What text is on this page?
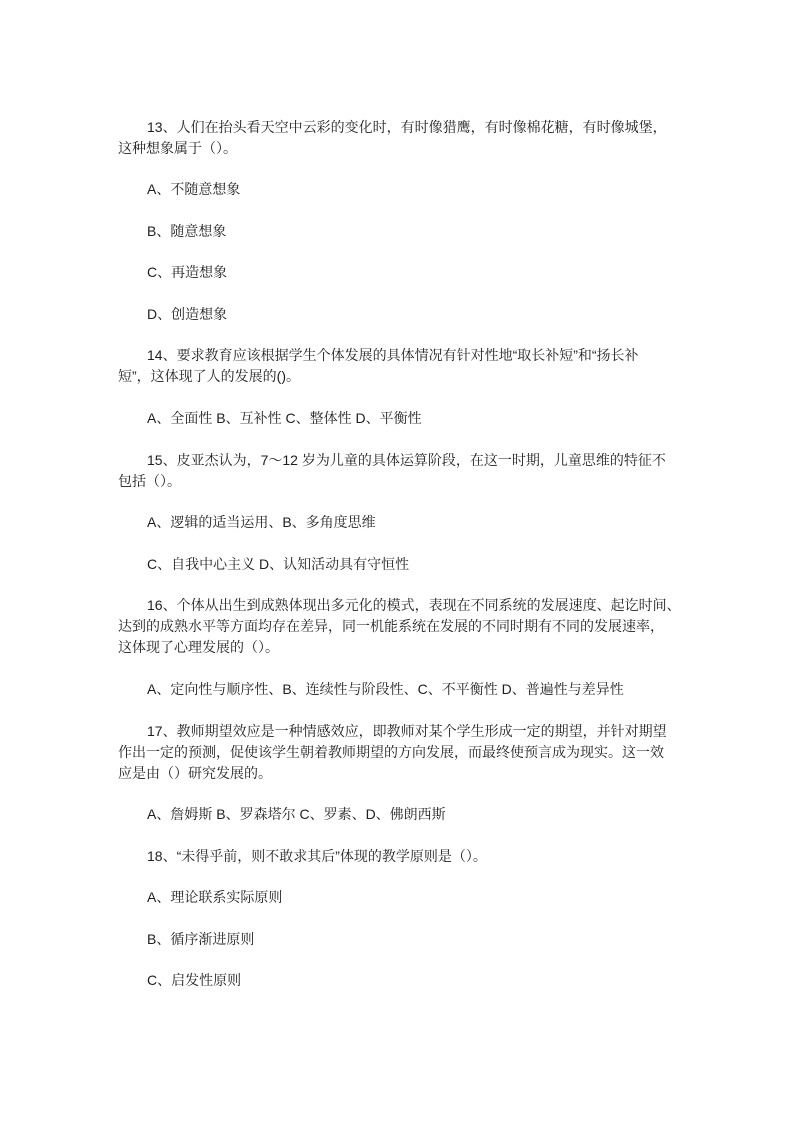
13、人们在抬头看天空中云彩的变化时，有时像猎鹰，有时像棉花糖，有时像城堡，
这种想象属于（）。
A、不随意想象
B、随意想象
C、再造想象
D、创造想象
14、要求教育应该根据学生个体发展的具体情况有针对性地“取长补短”和“扬长补
短”，这体现了人的发展的()。
A、全面性 B、互补性 C、整体性 D、平衡性
15、皮亚杰认为，7～12 岁为儿童的具体运算阶段，在这一时期，儿童思维的特征不
包括（）。
A、逻辑的适当运用、B、多角度思维
C、自我中心主义 D、认知活动具有守恒性
16、个体从出生到成熟体现出多元化的模式，表现在不同系统的发展速度、起讫时间、
达到的成熟水平等方面均存在差异，同一机能系统在发展的不同时期有不同的发展速率，
这体现了心理发展的（）。
A、定向性与顺序性、B、连续性与阶段性、C、不平衡性 D、普遍性与差异性
17、教师期望效应是一种情感效应，即教师对某个学生形成一定的期望，并针对期望
作出一定的预测，促使该学生朝着教师期望的方向发展，而最终使预言成为现实。这一效
应是由（）研究发展的。
A、詹姆斯 B、罗森塔尔 C、罗素、D、佛朗西斯
18、“未得乎前，则不敢求其后”体现的教学原则是（）。
A、理论联系实际原则
B、循序渐进原则
C、启发性原则
